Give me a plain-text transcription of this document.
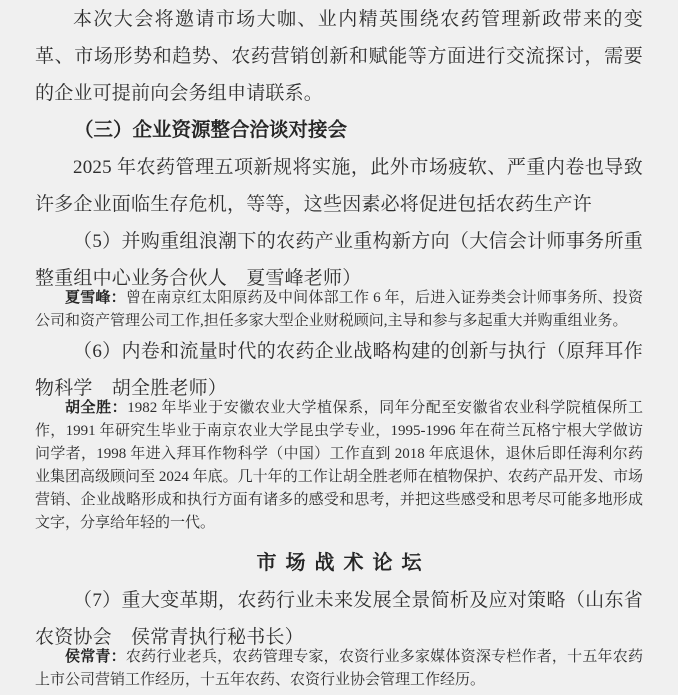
本次大会将邀请市场大咖、业内精英围绕农药管理新政带来的变革、市场形势和趋势、农药营销创新和赋能等方面进行交流探讨，需要的企业可提前向会务组申请联系。

（三）企业资源整合洽谈对接会

2025 年农药管理五项新规将实施，此外市场疲软、严重内卷也导致许多企业面临生存危机，等等，这些因素必将促进包括农药生产许

（5）并购重组浪潮下的农药产业重构新方向（大信会计师事务所重整重组中心业务合伙人　夏雪峰老师）

夏雪峰：曾在南京红太阳原药及中间体部工作 6 年，后进入证券类会计师事务所、投资公司和资产管理公司工作,担任多家大型企业财税顾问,主导和参与多起重大并购重组业务。

（6）内卷和流量时代的农药企业战略构建的创新与执行（原拜耳作物科学　胡全胜老师）

胡全胜：1982 年毕业于安徽农业大学植保系，同年分配至安徽省农业科学院植保所工作，1991 年研究生毕业于南京农业大学昆虫学专业，1995-1996 年在荷兰瓦格宁根大学做访问学者，1998 年进入拜耳作物科学（中国）工作直到 2018 年底退休，退休后即任海利尔药业集团高级顾问至 2024 年底。几十年的工作让胡全胜老师在植物保护、农药产品开发、市场营销、企业战略形成和执行方面有诸多的感受和思考，并把这些感受和思考尽可能多地形成文字，分享给年轻的一代。

市场战术论坛

（7）重大变革期，农药行业未来发展全景简析及应对策略（山东省农资协会　侯常青执行秘书长）

侯常青：农药行业老兵，农药管理专家，农资行业多家媒体资深专栏作者，十五年农药上市公司营销工作经历，十五年农药、农资行业协会管理工作经历。
